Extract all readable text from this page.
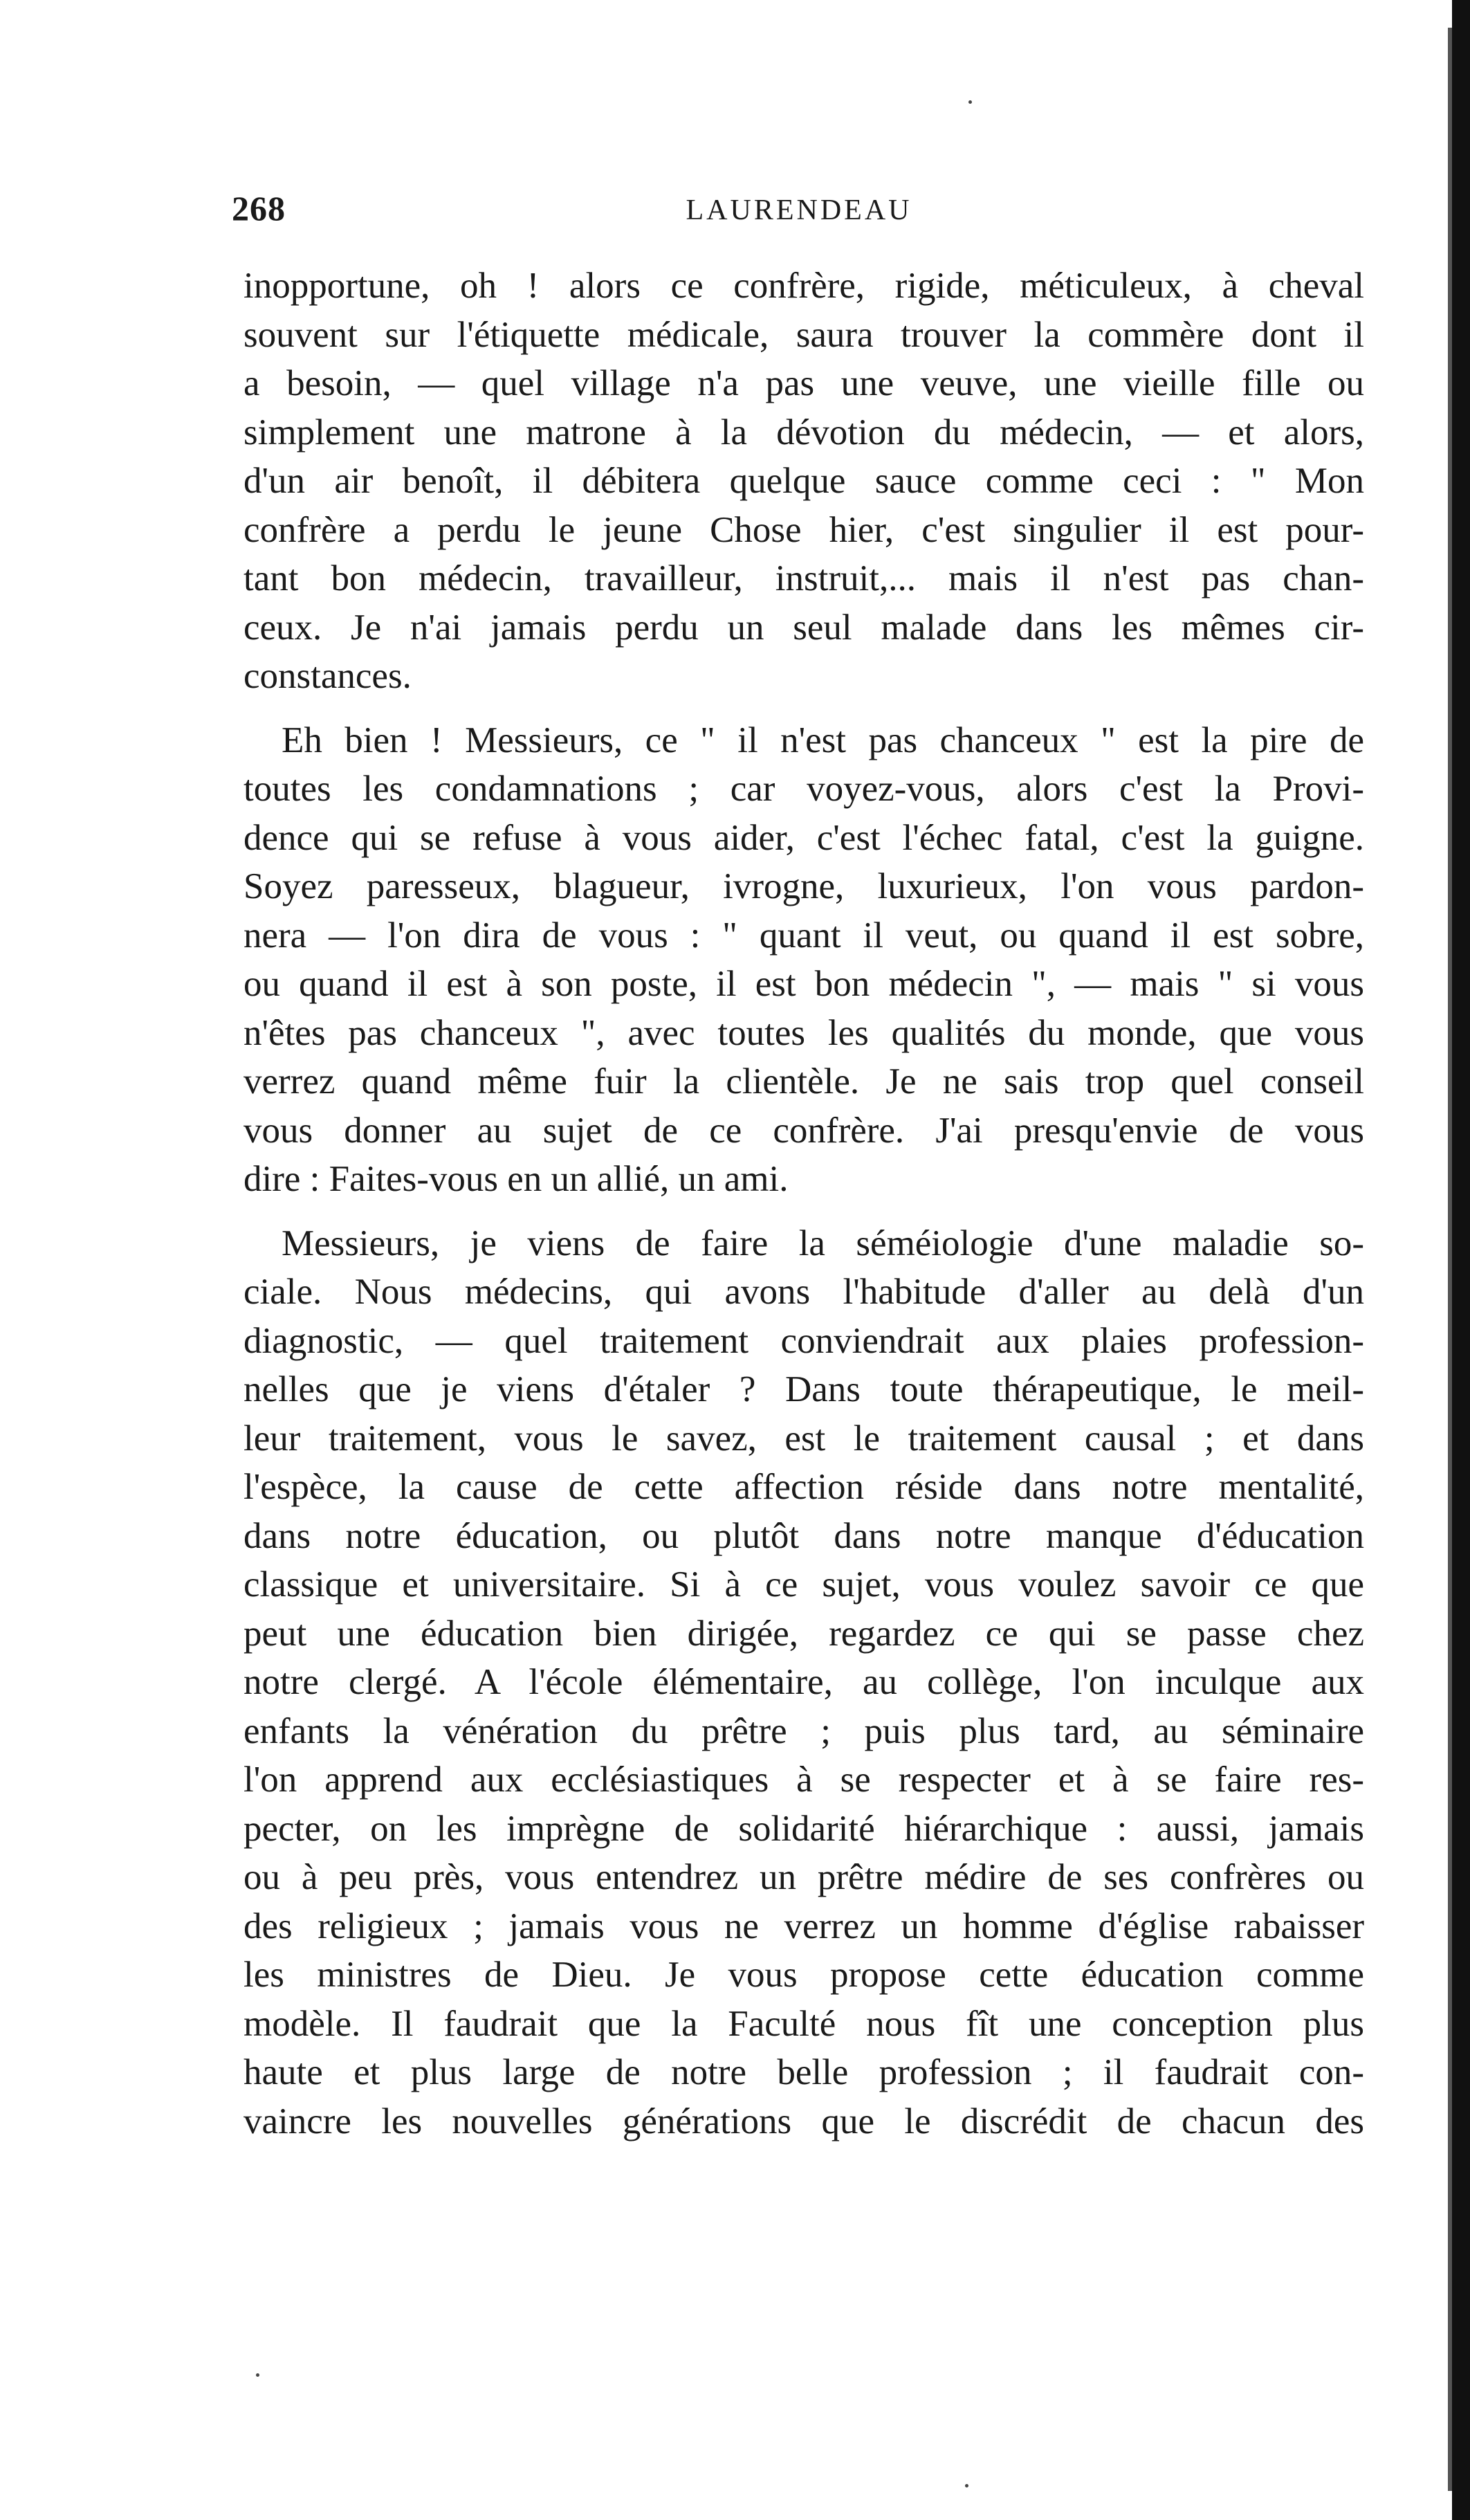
268	LAURENDEAU
inopportune, oh ! alors ce confrère, rigide, méticuleux, à cheval
souvent sur l'étiquette médicale, saura trouver la commère dont il
a besoin, — quel village n'a pas une veuve, une vieille fille ou
simplement une matrone à la dévotion du médecin, — et alors,
d'un air benoît, il débitera quelque sauce comme ceci : " Mon
confrère a perdu le jeune Chose hier, c'est singulier il est pour-
tant bon médecin, travailleur, instruit,... mais il n'est pas chan-
ceux. Je n'ai jamais perdu un seul malade dans les mêmes cir-
constances.
Eh bien ! Messieurs, ce " il n'est pas chanceux " est la pire de
toutes les condamnations ; car voyez-vous, alors c'est la Provi-
dence qui se refuse à vous aider, c'est l'échec fatal, c'est la guigne.
Soyez paresseux, blagueur, ivrogne, luxurieux, l'on vous pardon-
nera — l'on dira de vous : " quant il veut, ou quand il est sobre,
ou quand il est à son poste, il est bon médecin ", — mais " si vous
n'êtes pas chanceux ", avec toutes les qualités du monde, que vous
verrez quand même fuir la clientèle. Je ne sais trop quel conseil
vous donner au sujet de ce confrère. J'ai presqu'envie de vous
dire : Faites-vous en un allié, un ami.
Messieurs, je viens de faire la séméiologie d'une maladie so-
ciale. Nous médecins, qui avons l'habitude d'aller au delà d'un
diagnostic, — quel traitement conviendrait aux plaies profession-
nelles que je viens d'étaler ? Dans toute thérapeutique, le meil-
leur traitement, vous le savez, est le traitement causal ; et dans
l'espèce, la cause de cette affection réside dans notre mentalité,
dans notre éducation, ou plutôt dans notre manque d'éducation
classique et universitaire. Si à ce sujet, vous voulez savoir ce que
peut une éducation bien dirigée, regardez ce qui se passe chez
notre clergé. A l'école élémentaire, au collège, l'on inculque aux
enfants la vénération du prêtre ; puis plus tard, au séminaire
l'on apprend aux ecclésiastiques à se respecter et à se faire res-
pecter, on les imprègne de solidarité hiérarchique : aussi, jamais
ou à peu près, vous entendrez un prêtre médire de ses confrères ou
des religieux ; jamais vous ne verrez un homme d'église rabaisser
les ministres de Dieu. Je vous propose cette éducation comme
modèle. Il faudrait que la Faculté nous fît une conception plus
haute et plus large de notre belle profession ; il faudrait con-
vaincre les nouvelles générations que le discrédit de chacun des
